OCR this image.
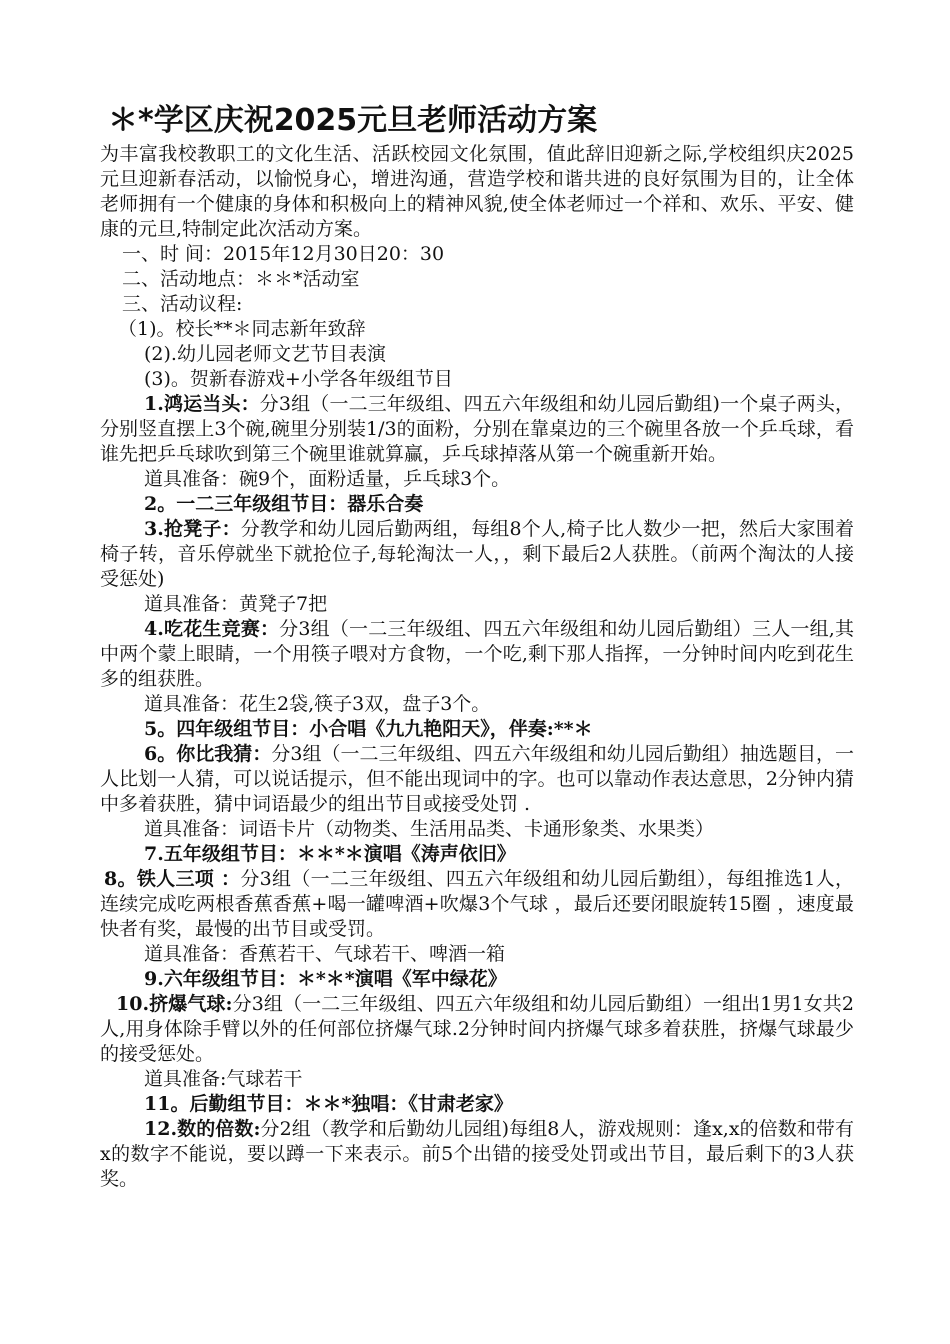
＊*学区庆祝2025元旦老师活动方案

为丰富我校教职工的文化生活、活跃校园文化氛围，值此辞旧迎新之际,学校组织庆2025元旦迎新春活动，以愉悦身心，增进沟通，营造学校和谐共进的良好氛围为目的，让全体老师拥有一个健康的身体和积极向上的精神风貌,使全体老师过一个祥和、欢乐、平安、健康的元旦,特制定此次活动方案。

一、时 间：2015年12月30日20：30

二、活动地点：＊＊*活动室

三、活动议程:

（1)。校长**＊同志新年致辞

(2).幼儿园老师文艺节目表演

(3)。贺新春游戏+小学各年级组节目

1.鸿运当头：分3组（一二三年级组、四五六年级组和幼儿园后勤组)一个桌子两头，分别竖直摆上3个碗,碗里分别装1/3的面粉，分别在靠桌边的三个碗里各放一个乒乓球，看谁先把乒乓球吹到第三个碗里谁就算赢，乒乓球掉落从第一个碗重新开始。

道具准备：碗9个，面粉适量，乒乓球3个。

2。一二三年级组节目：器乐合奏

3.抢凳子：分教学和幼儿园后勤两组，每组8个人,椅子比人数少一把，然后大家围着椅子转，音乐停就坐下就抢位子,每轮淘汰一人，，剩下最后2人获胜。（前两个淘汰的人接受惩处)

道具准备：黄凳子7把

4.吃花生竞赛：分3组（一二三年级组、四五六年级组和幼儿园后勤组）三人一组,其中两个蒙上眼睛，一个用筷子喂对方食物，一个吃,剩下那人指挥，一分钟时间内吃到花生多的组获胜。

道具准备：花生2袋,筷子3双，盘子3个。

5。四年级组节目：小合唱《九九艳阳天》，伴奏:**＊

6。你比我猜：分3组（一二三年级组、四五六年级组和幼儿园后勤组）抽选题目，一人比划一人猜，可以说话提示，但不能出现词中的字。也可以靠动作表达意思，2分钟内猜中多着获胜，猜中词语最少的组出节目或接受处罚 .

道具准备：词语卡片（动物类、生活用品类、卡通形象类、水果类）

7.五年级组节目：＊＊*＊演唱《涛声依旧》

8。铁人三项 ：分3组（一二三年级组、四五六年级组和幼儿园后勤组），每组推选1人，连续完成吃两根香蕉香蕉+喝一罐啤酒+吹爆3个气球 ，最后还要闭眼旋转15圈 ，速度最快者有奖，最慢的出节目或受罚。

道具准备：香蕉若干、气球若干、啤酒一箱

9.六年级组节目：＊*＊*演唱《军中绿花》

10.挤爆气球:分3组（一二三年级组、四五六年级组和幼儿园后勤组）一组出1男1女共2人,用身体除手臂以外的任何部位挤爆气球.2分钟时间内挤爆气球多着获胜，挤爆气球最少的接受惩处。

道具准备:气球若干

11。后勤组节目：＊＊*独唱：《甘肃老家》

12.数的倍数:分2组（教学和后勤幼儿园组)每组8人，游戏规则：逢x,x的倍数和带有x的数字不能说，要以蹲一下来表示。前5个出错的接受处罚或出节目，最后剩下的3人获奖。
